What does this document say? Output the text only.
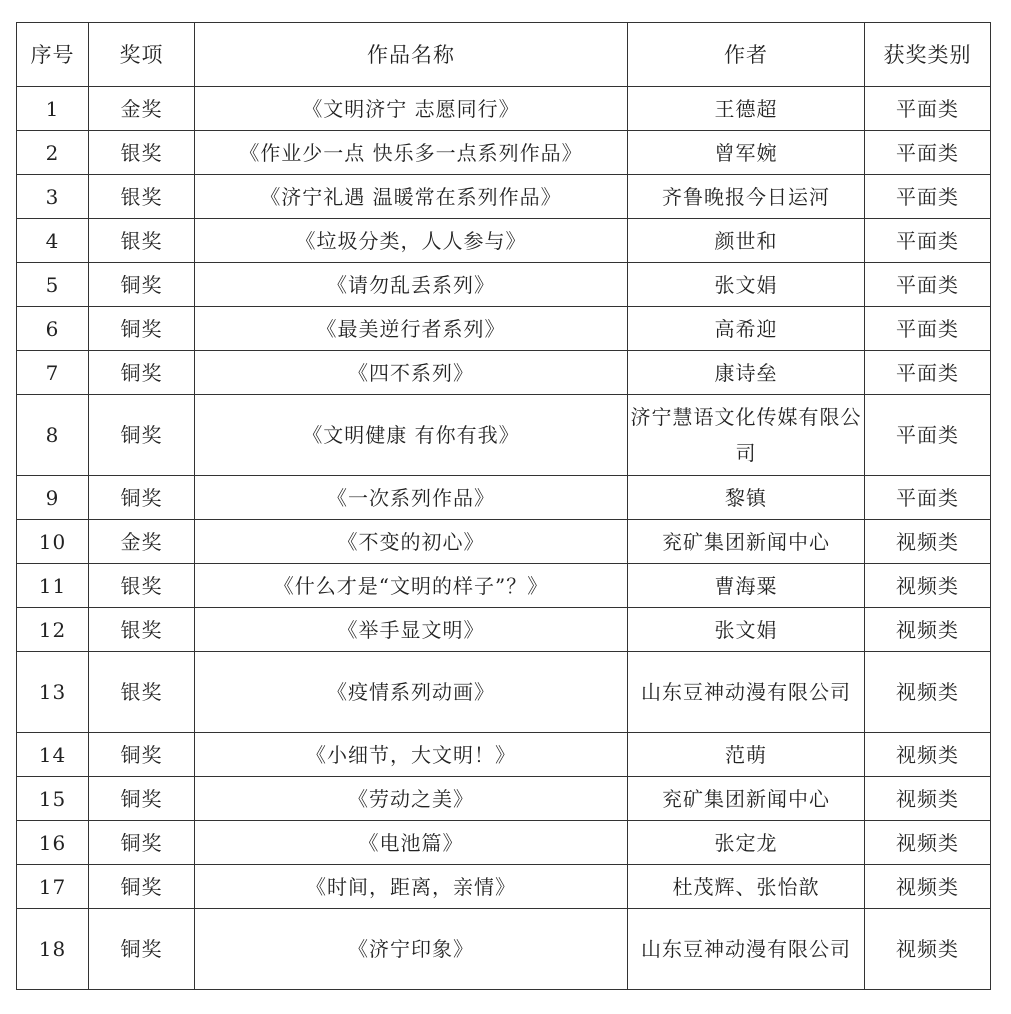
序号	奖项	作品名称	作者	获奖类别
1	金奖	《文明济宁 志愿同行》	王德超	平面类
2	银奖	《作业少一点 快乐多一点系列作品》	曾军婉	平面类
3	银奖	《济宁礼遇 温暖常在系列作品》	齐鲁晚报今日运河	平面类
4	银奖	《垃圾分类，人人参与》	颜世和	平面类
5	铜奖	《请勿乱丢系列》	张文娟	平面类
6	铜奖	《最美逆行者系列》	高希迎	平面类
7	铜奖	《四不系列》	康诗垒	平面类
8	铜奖	《文明健康 有你有我》	济宁慧语文化传媒有限公司	平面类
9	铜奖	《一次系列作品》	黎镇	平面类
10	金奖	《不变的初心》	兖矿集团新闻中心	视频类
11	银奖	《什么才是“文明的样子”？》	曹海粟	视频类
12	银奖	《举手显文明》	张文娟	视频类
13	银奖	《疫情系列动画》	山东豆神动漫有限公司	视频类
14	铜奖	《小细节，大文明！》	范萌	视频类
15	铜奖	《劳动之美》	兖矿集团新闻中心	视频类
16	铜奖	《电池篇》	张定龙	视频类
17	铜奖	《时间，距离，亲情》	杜茂辉、张怡歆	视频类
18	铜奖	《济宁印象》	山东豆神动漫有限公司	视频类
